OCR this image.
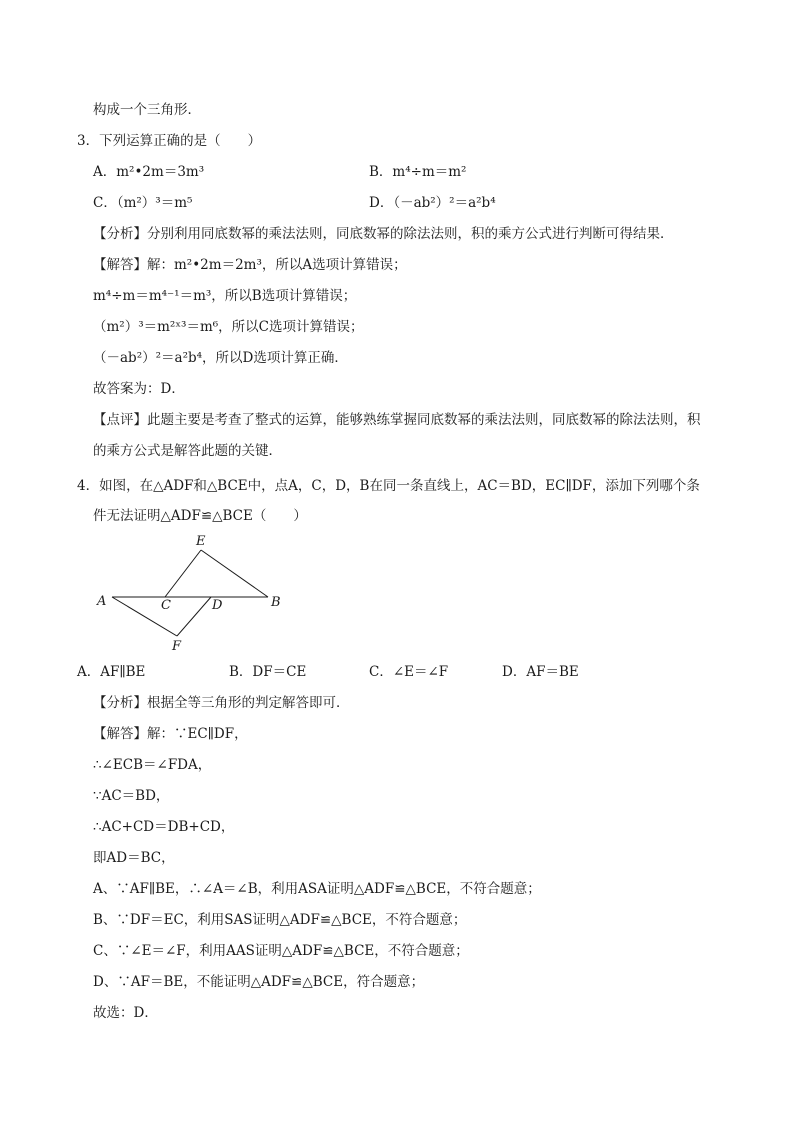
构成一个三角形．
3．下列运算正确的是（　　）
A．m²•2m＝3m³	B．m⁴÷m＝m²
C．（m²）³＝m⁵	D．（－ab²）²＝a²b⁴
【分析】分别利用同底数幂的乘法法则，同底数幂的除法法则，积的乘方公式进行判断可得结果．
【解答】解：m²•2m＝2m³，所以A选项计算错误；
m⁴÷m＝m⁴⁻¹＝m³，所以B选项计算错误；
（m²）³＝m²ˣ³＝m⁶，所以C选项计算错误；
（－ab²）²＝a²b⁴，所以D选项计算正确．
故答案为：D．
【点评】此题主要是考查了整式的运算，能够熟练掌握同底数幂的乘法法则，同底数幂的除法法则，积
的乘方公式是解答此题的关键．
4．如图，在△ADF和△BCE中，点A，C，D，B在同一条直线上，AC＝BD，EC∥DF，添加下列哪个条
件无法证明△ADF≌△BCE（　　）
E
A	C	D	B
F
A．AF∥BE	B．DF＝CE	C．∠E＝∠F	D．AF＝BE
【分析】根据全等三角形的判定解答即可．
【解答】解：∵EC∥DF，
∴∠ECB＝∠FDA，
∵AC＝BD，
∴AC+CD＝DB+CD，
即AD＝BC，
A、∵AF∥BE，∴∠A＝∠B，利用ASA证明△ADF≌△BCE，不符合题意；
B、∵DF＝EC，利用SAS证明△ADF≌△BCE，不符合题意；
C、∵∠E＝∠F，利用AAS证明△ADF≌△BCE，不符合题意；
D、∵AF＝BE，不能证明△ADF≌△BCE，符合题意；
故选：D．
